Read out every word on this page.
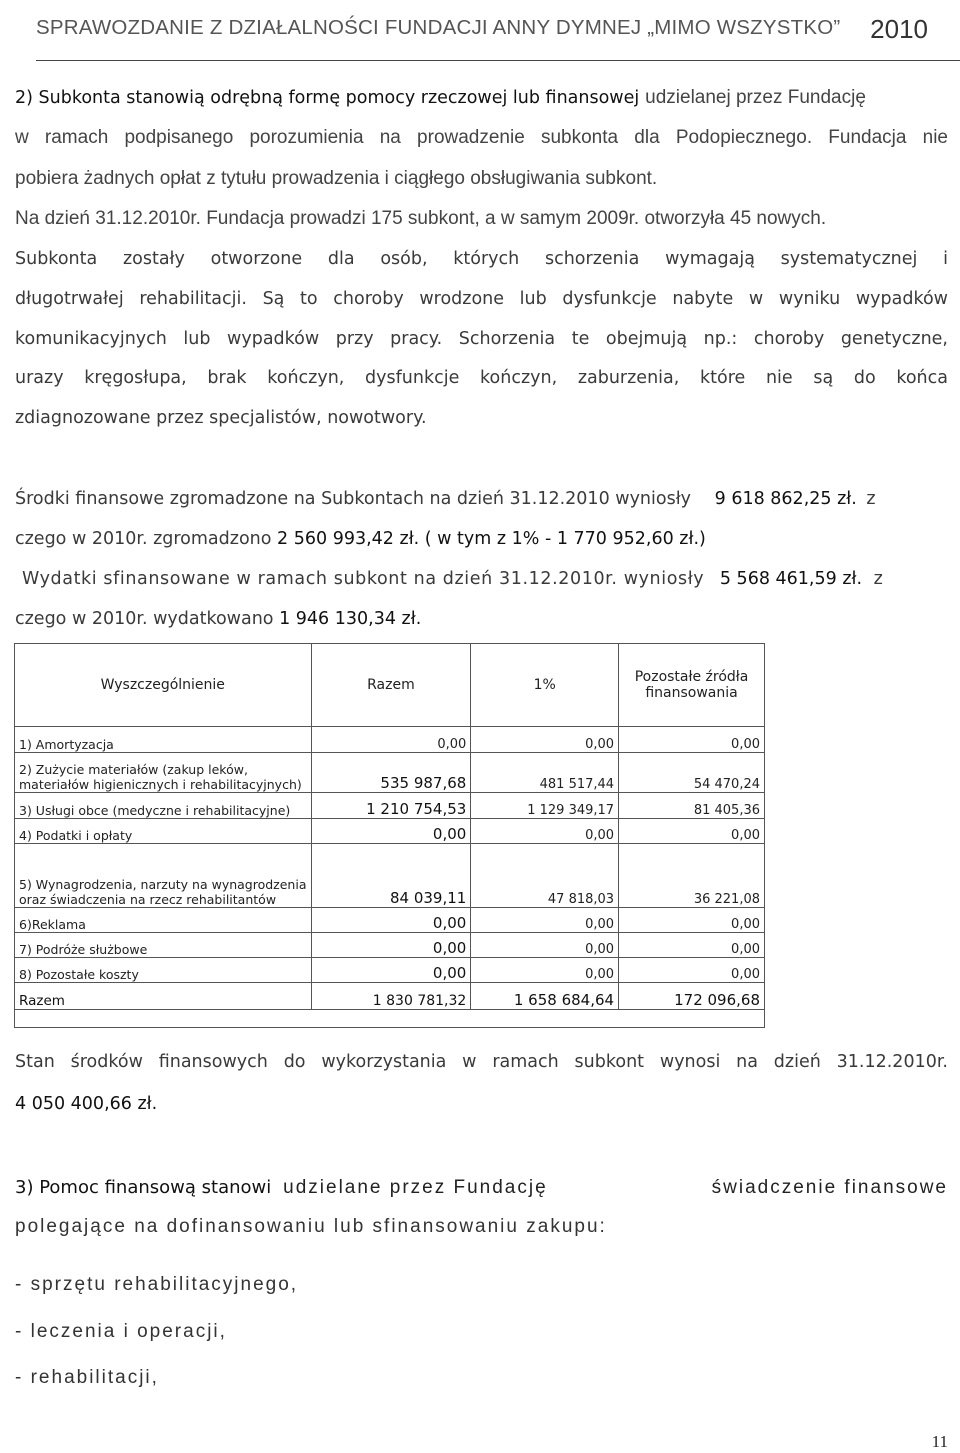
SPRAWOZDANIE Z DZIAŁALNOŚCI FUNDACJI ANNY DYMNEJ „MIMO WSZYSTKO” 2010
2) Subkonta stanowią odrębną formę pomocy rzeczowej lub finansowej udzielanej przez Fundację
w ramach podpisanego porozumienia na prowadzenie subkonta dla Podopiecznego. Fundacja nie
pobiera żadnych opłat z tytułu prowadzenia i ciągłego obsługiwania subkont.
Na dzień 31.12.2010r. Fundacja prowadzi 175 subkont, a w samym 2009r. otworzyła 45 nowych.
Subkonta zostały otworzone dla osób, których schorzenia wymagają systematycznej i
długotrwałej rehabilitacji. Są to choroby wrodzone lub dysfunkcje nabyte w wyniku wypadków
komunikacyjnych lub wypadków przy pracy. Schorzenia te obejmują np.: choroby genetyczne,
urazy kręgosłupa, brak kończyn, dysfunkcje kończyn, zaburzenia, które nie są do końca
zdiagnozowane przez specjalistów, nowotwory.
Środki finansowe zgromadzone na Subkontach na dzień 31.12.2010 wyniosły 9 618 862,25 zł. z
czego w 2010r. zgromadzono 2 560 993,42 zł. ( w tym z 1% - 1 770 952,60 zł.)
Wydatki sfinansowane w ramach subkont na dzień 31.12.2010r. wyniosły 5 568 461,59 zł. z
czego w 2010r. wydatkowano 1 946 130,34 zł.
Wyszczególnienie	Razem	1%	Pozostałe źródła finansowania
1) Amortyzacja	0,00	0,00	0,00
2) Zużycie materiałów (zakup leków, materiałów higienicznych i rehabilitacyjnych)	535 987,68	481 517,44	54 470,24
3) Usługi obce (medyczne i rehabilitacyjne)	1 210 754,53	1 129 349,17	81 405,36
4) Podatki i opłaty	0,00	0,00	0,00
5) Wynagrodzenia, narzuty na wynagrodzenia oraz świadczenia na rzecz rehabilitantów	84 039,11	47 818,03	36 221,08
6)Reklama	0,00	0,00	0,00
7) Podróże służbowe	0,00	0,00	0,00
8) Pozostałe koszty	0,00	0,00	0,00
Razem	1 830 781,32	1 658 684,64	172 096,68

Stan środków finansowych do wykorzystania w ramach subkont wynosi na dzień 31.12.2010r.
4 050 400,66 zł.
3) Pomoc finansową stanowi udzielane przez Fundację	świadczenie finansowe
polegające na dofinansowaniu lub sfinansowaniu zakupu:
- sprzętu rehabilitacyjnego,
- leczenia i operacji,
- rehabilitacji,
11
